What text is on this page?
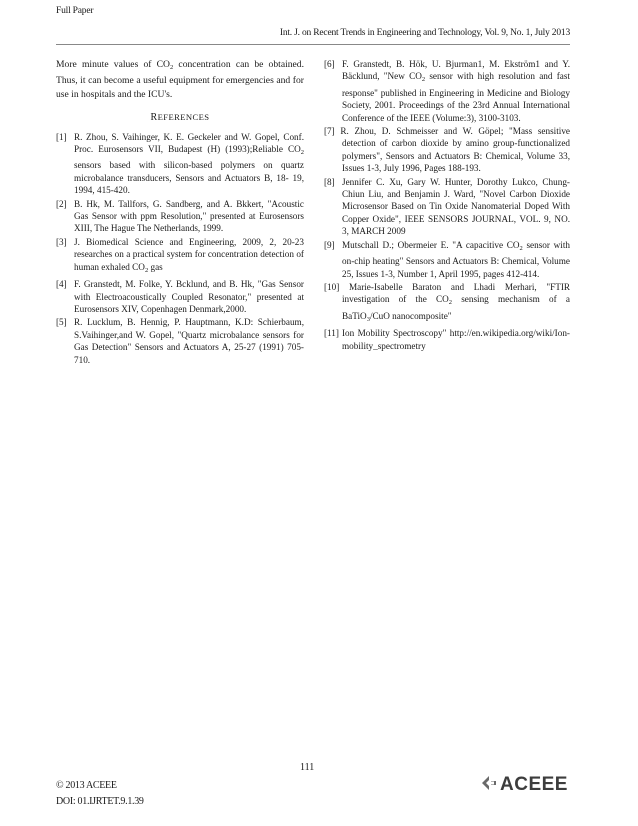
Full Paper
Int. J. on Recent Trends in Engineering and Technology, Vol. 9, No. 1, July 2013

More minute values of $CO_2$ concentration can be obtained. Thus, it can become a useful equipment for emergencies and for use in hospitals and the ICU's.

REFERENCES

[1] R. Zhou, S. Vaihinger, K. E. Geckeler and W. Gopel, Conf. Proc. Eurosensors VII, Budapest (H) (1993);Reliable $CO_2$ sensors based with silicon-based polymers on quartz microbalance transducers, Sensors and Actuators B, 18- 19, 1994, 415-420.
[2] B. Hk, M. Tallfors, G. Sandberg, and A. Bkkert, "Acoustic Gas Sensor with ppm Resolution," presented at Eurosensors XIII, The Hague The Netherlands, 1999.
[3] J. Biomedical Science and Engineering, 2009, 2, 20-23 researches on a practical system for concentration detection of human exhaled $CO_2$ gas
[4] F. Granstedt, M. Folke, Y. Bcklund, and B. Hk, "Gas Sensor with Electroacoustically Coupled Resonator," presented at Eurosensors XIV, Copenhagen Denmark,2000.
[5] R. Lucklum, B. Hennig, P. Hauptmann, K.D: Schierbaum, S.Vaihinger,and W. Gopel, "Quartz microbalance sensors for Gas Detection" Sensors and Actuators A, 25-27 (1991) 705-710.
[6] F. Granstedt, B. Hök, U. Bjurman1, M. Ekström1 and Y. Bäcklund, "New $CO_2$ sensor with high resolution and fast response" published in Engineering in Medicine and Biology Society, 2001. Proceedings of the 23rd Annual International Conference of the IEEE (Volume:3), 3100-3103.
[7] R. Zhou, D. Schmeisser and W. Göpel; "Mass sensitive detection of carbon dioxide by amino group-functionalized polymers", Sensors and Actuators B: Chemical, Volume 33, Issues 1-3, July 1996, Pages 188-193.
[8] Jennifer C. Xu, Gary W. Hunter, Dorothy Lukco, Chung-Chiun Liu, and Benjamin J. Ward, "Novel Carbon Dioxide Microsensor Based on Tin Oxide Nanomaterial Doped With Copper Oxide", IEEE SENSORS JOURNAL, VOL. 9, NO. 3, MARCH 2009
[9] Mutschall D.; Obermeier E. "A capacitive $CO_2$ sensor with on-chip heating" Sensors and Actuators B: Chemical, Volume 25, Issues 1-3, Number 1, April 1995, pages 412-414.
[10] Marie-Isabelle Baraton and Lhadi Merhari, "FTIR investigation of the $CO_2$ sensing mechanism of a BaTiO$_3$/CuO nanocomposite"
[11] Ion Mobility Spectroscopy" http://en.wikipedia.org/wiki/Ion-mobility_spectrometry
111
© 2013 ACEEE
DOI: 01.IJRTET.9.1.39
ACEEE
